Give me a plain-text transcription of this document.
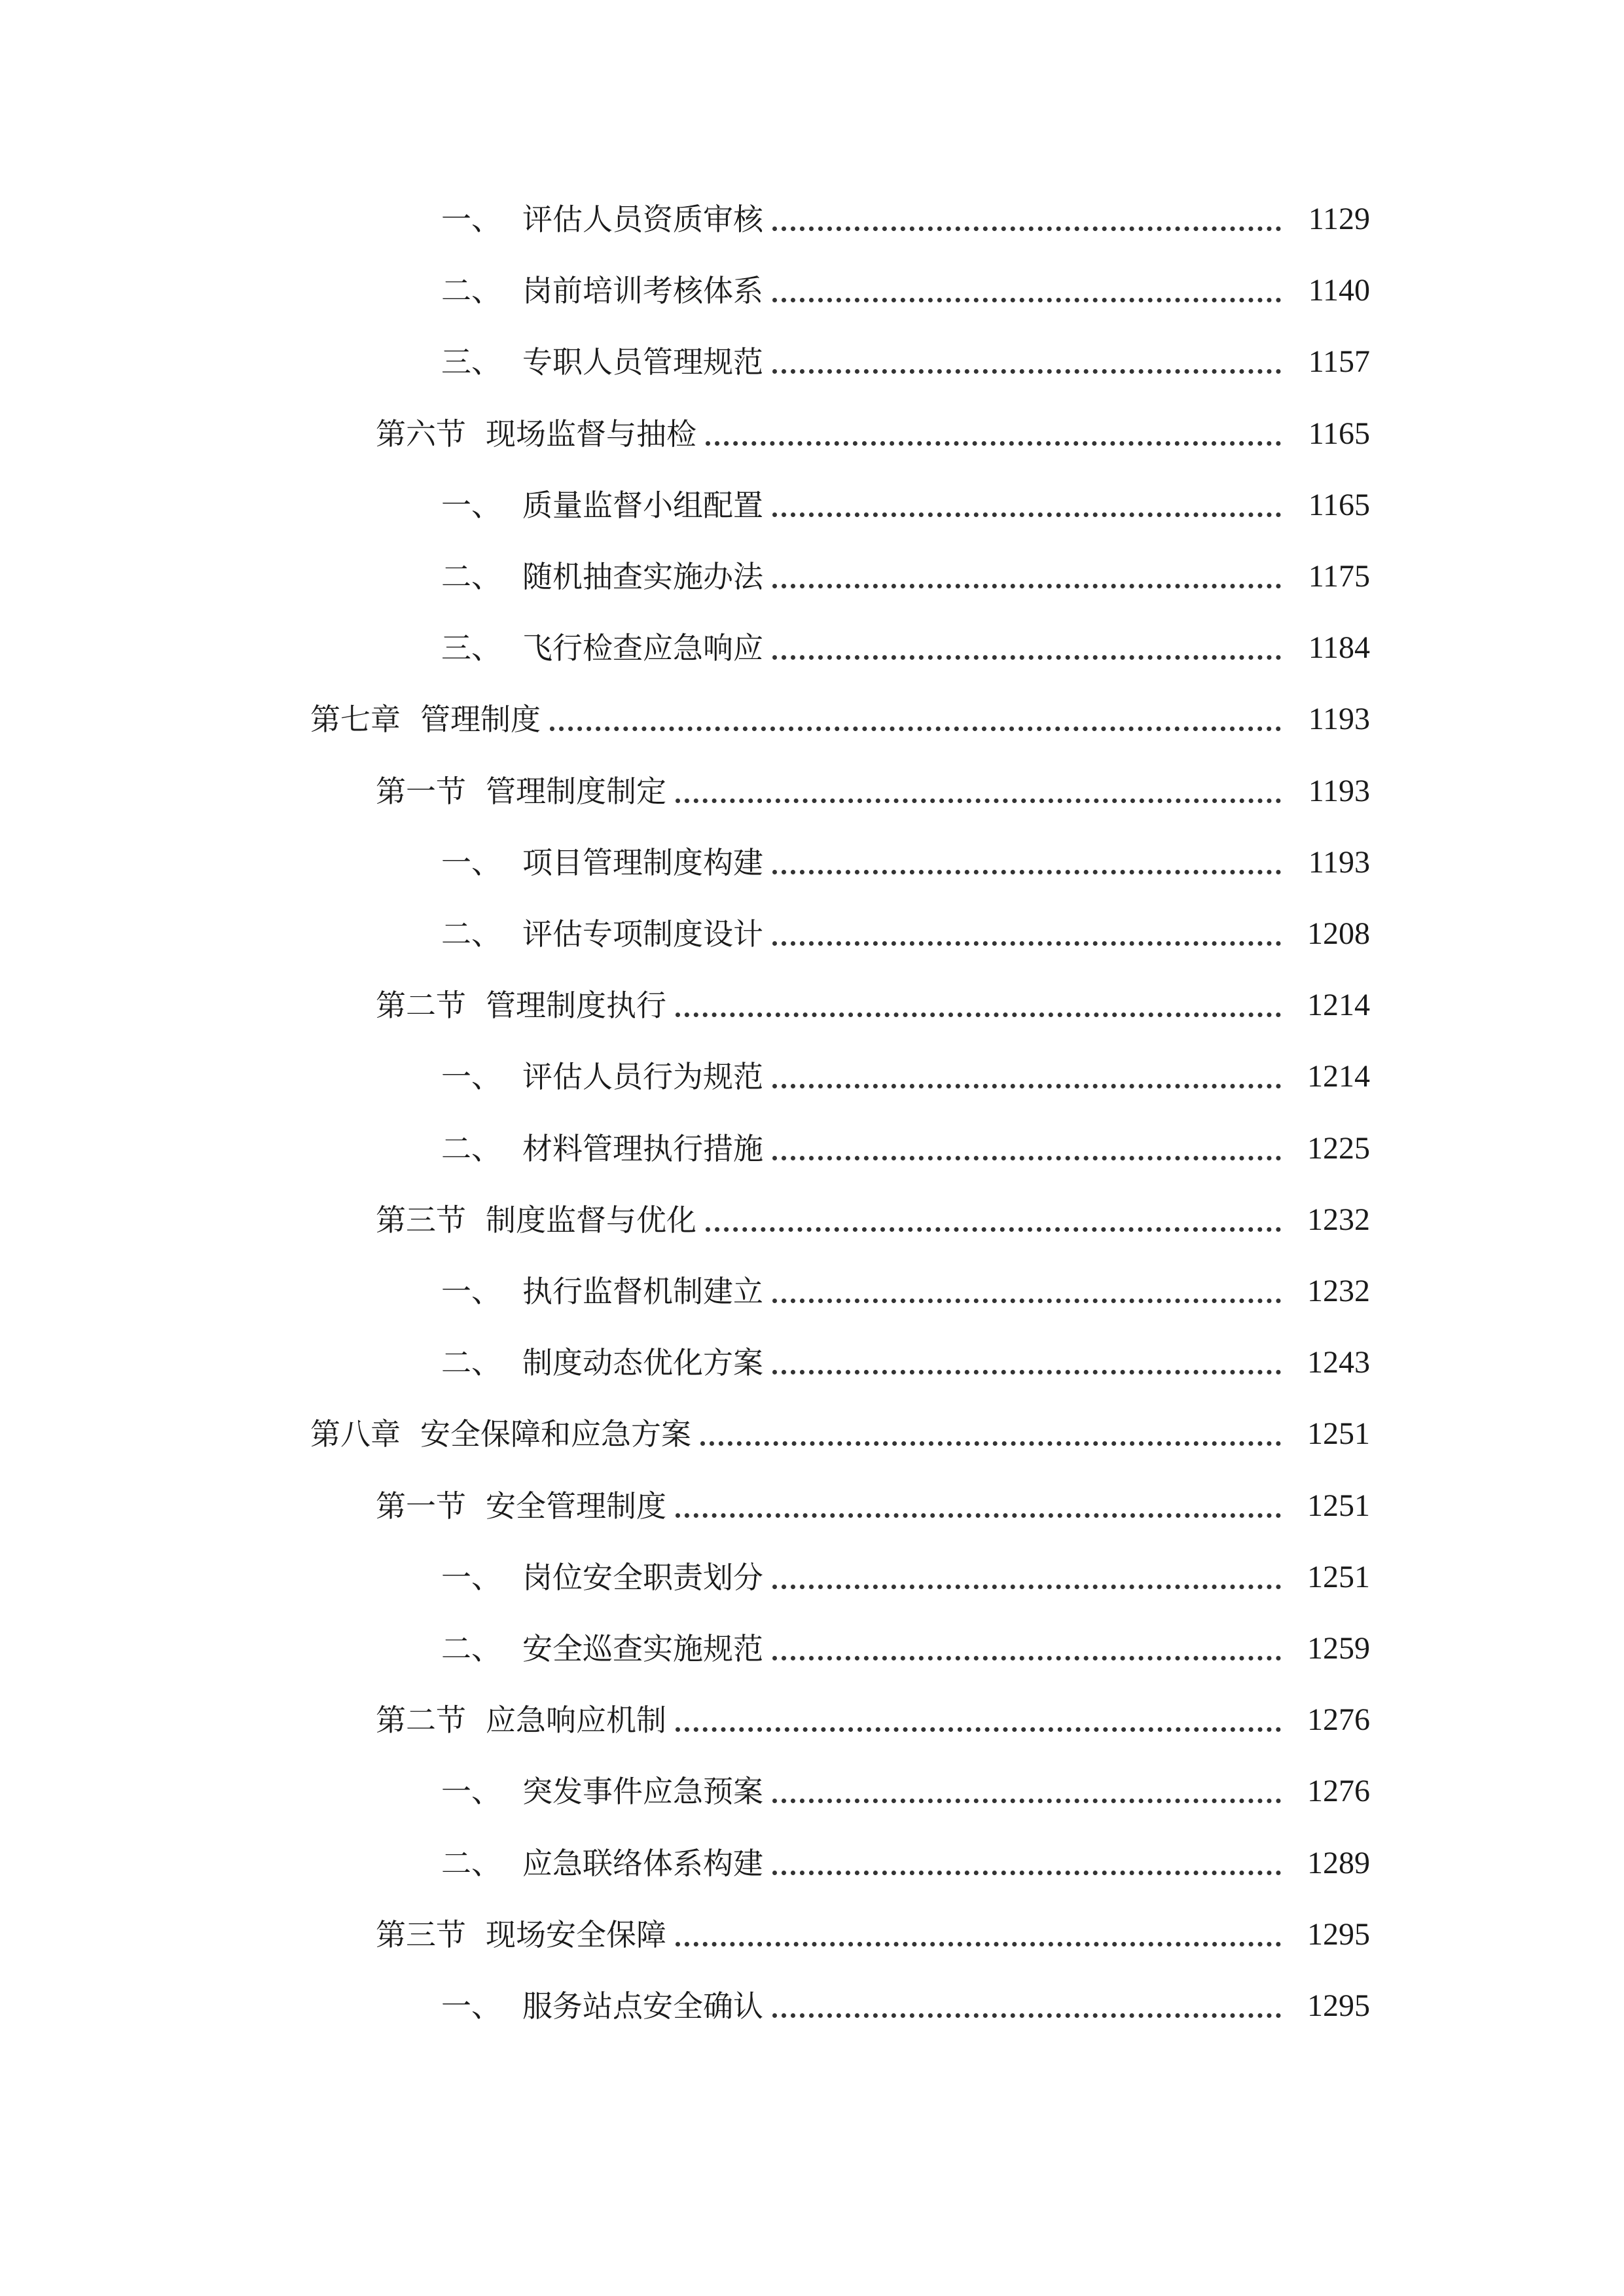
一、 评估人员资质审核	1129
二、 岗前培训考核体系	1140
三、 专职人员管理规范	1157
第六节 现场监督与抽检	1165
一、 质量监督小组配置	1165
二、 随机抽查实施办法	1175
三、 飞行检查应急响应	1184
第七章 管理制度	1193
第一节 管理制度制定	1193
一、 项目管理制度构建	1193
二、 评估专项制度设计	1208
第二节 管理制度执行	1214
一、 评估人员行为规范	1214
二、 材料管理执行措施	1225
第三节 制度监督与优化	1232
一、 执行监督机制建立	1232
二、 制度动态优化方案	1243
第八章 安全保障和应急方案	1251
第一节 安全管理制度	1251
一、 岗位安全职责划分	1251
二、 安全巡查实施规范	1259
第二节 应急响应机制	1276
一、 突发事件应急预案	1276
二、 应急联络体系构建	1289
第三节 现场安全保障	1295
一、 服务站点安全确认	1295
